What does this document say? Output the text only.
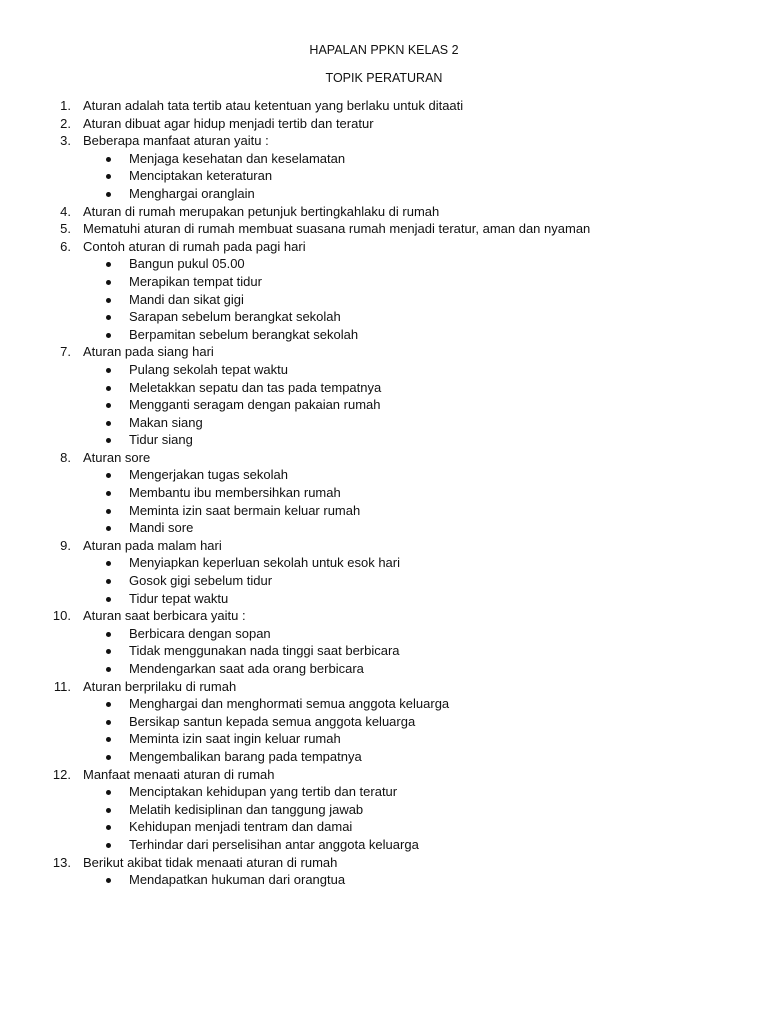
HAPALAN PPKN KELAS 2
TOPIK PERATURAN
1. Aturan adalah tata tertib atau ketentuan yang berlaku untuk ditaati
2. Aturan dibuat agar hidup menjadi tertib dan teratur
3. Beberapa manfaat aturan yaitu :
Menjaga kesehatan dan keselamatan
Menciptakan keteraturan
Menghargai oranglain
4. Aturan di rumah merupakan petunjuk bertingkahlaku di rumah
5. Mematuhi aturan di rumah membuat suasana rumah menjadi teratur, aman dan nyaman
6. Contoh aturan di rumah pada pagi hari
Bangun pukul 05.00
Merapikan tempat tidur
Mandi dan sikat gigi
Sarapan sebelum berangkat sekolah
Berpamitan sebelum berangkat sekolah
7. Aturan pada siang hari
Pulang sekolah tepat waktu
Meletakkan sepatu dan tas pada tempatnya
Mengganti seragam dengan pakaian rumah
Makan siang
Tidur siang
8. Aturan sore
Mengerjakan tugas sekolah
Membantu ibu membersihkan rumah
Meminta izin saat bermain keluar rumah
Mandi sore
9. Aturan pada malam hari
Menyiapkan keperluan sekolah untuk esok hari
Gosok gigi sebelum tidur
Tidur tepat waktu
10. Aturan saat berbicara yaitu :
Berbicara dengan sopan
Tidak menggunakan nada tinggi saat berbicara
Mendengarkan saat ada orang berbicara
11. Aturan berprilaku di rumah
Menghargai dan menghormati semua anggota keluarga
Bersikap santun kepada semua anggota keluarga
Meminta izin saat ingin keluar rumah
Mengembalikan barang pada tempatnya
12. Manfaat menaati aturan di rumah
Menciptakan kehidupan yang tertib dan teratur
Melatih kedisiplinan dan tanggung jawab
Kehidupan menjadi tentram dan damai
Terhindar dari perselisihan antar anggota keluarga
13. Berikut akibat tidak menaati aturan di rumah
Mendapatkan hukuman dari orangtua
